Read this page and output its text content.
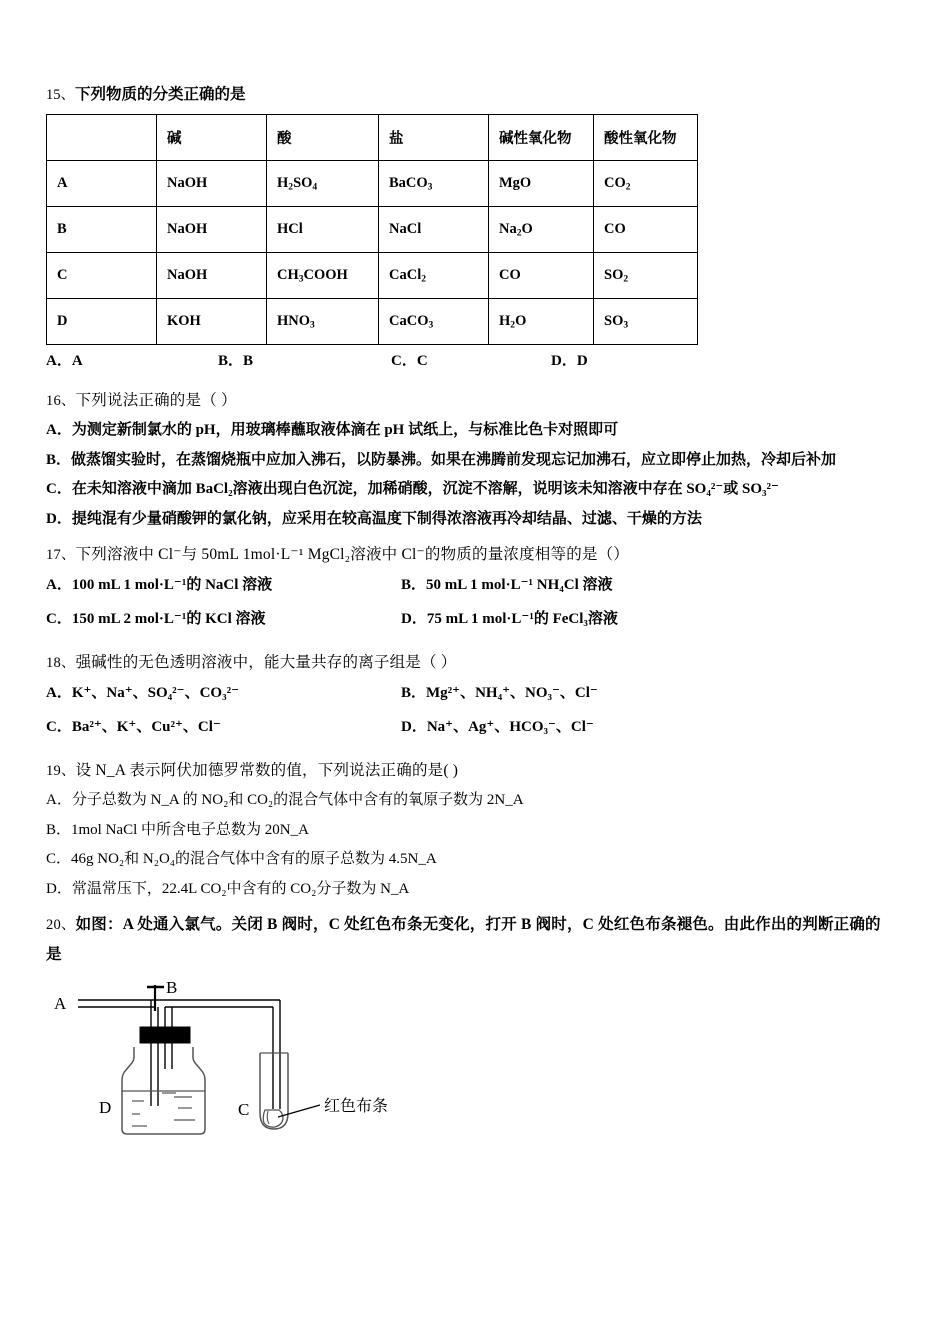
15、下列物质的分类正确的是
	碱	酸	盐	碱性氧化物	酸性氧化物
A	NaOH	$H_2SO_4$	BaCO$_3$	MgO	$CO_2$
B	NaOH	HCl	NaCl	$Na_2O$	CO
C	NaOH	$CH_3COOH$	CaCl$_2$	CO	$SO_2$
D	KOH	$HNO_3$	CaCO$_3$	$H_2O$	$SO_3$
A．A	B．B	C．C	D．D
16、下列说法正确的是（ ）
A．为测定新制氯水的 pH，用玻璃棒蘸取液体滴在 pH 试纸上，与标准比色卡对照即可
B．做蒸馏实验时，在蒸馏烧瓶中应加入沸石，以防暴沸。如果在沸腾前发现忘记加沸石，应立即停止加热，冷却后补加
C．在未知溶液中滴加 BaCl₂溶液出现白色沉淀，加稀硝酸，沉淀不溶解，说明该未知溶液中存在 SO₄²⁻或 SO₃²⁻
D．提纯混有少量硝酸钾的氯化钠，应采用在较高温度下制得浓溶液再冷却结晶、过滤、干燥的方法
17、下列溶液中 Cl⁻与 50mL 1mol·L⁻¹ MgCl₂溶液中 Cl⁻的物质的量浓度相等的是（）
A．100 mL 1 mol·L⁻¹的 NaCl 溶液	B．50 mL 1 mol·L⁻¹ NH₄Cl 溶液
C．150 mL 2 mol·L⁻¹的 KCl 溶液	D．75 mL 1 mol·L⁻¹的 FeCl₃溶液
18、强碱性的无色透明溶液中，能大量共存的离子组是（ ）
A．K⁺、Na⁺、SO₄²⁻、CO₃²⁻	B．Mg²⁺、NH₄⁺、NO₃⁻、Cl⁻
C．Ba²⁺、K⁺、Cu²⁺、Cl⁻	D．Na⁺、Ag⁺、HCO₃⁻、Cl⁻
19、设 N_A 表示阿伏加德罗常数的值，下列说法正确的是( )
A．分子总数为 N_A 的 NO₂和 CO₂的混合气体中含有的氧原子数为 2N_A
B．1mol NaCl 中所含电子总数为 20N_A
C．46g NO₂和 N₂O₄的混合气体中含有的原子总数为 4.5N_A
D．常温常压下，22.4L CO₂中含有的 CO₂分子数为 N_A
20、如图：A 处通入氯气。关闭 B 阀时，C 处红色布条无变化，打开 B 阀时，C 处红色布条褪色。由此作出的判断正确的
是
A
B
D	C	红色布条
